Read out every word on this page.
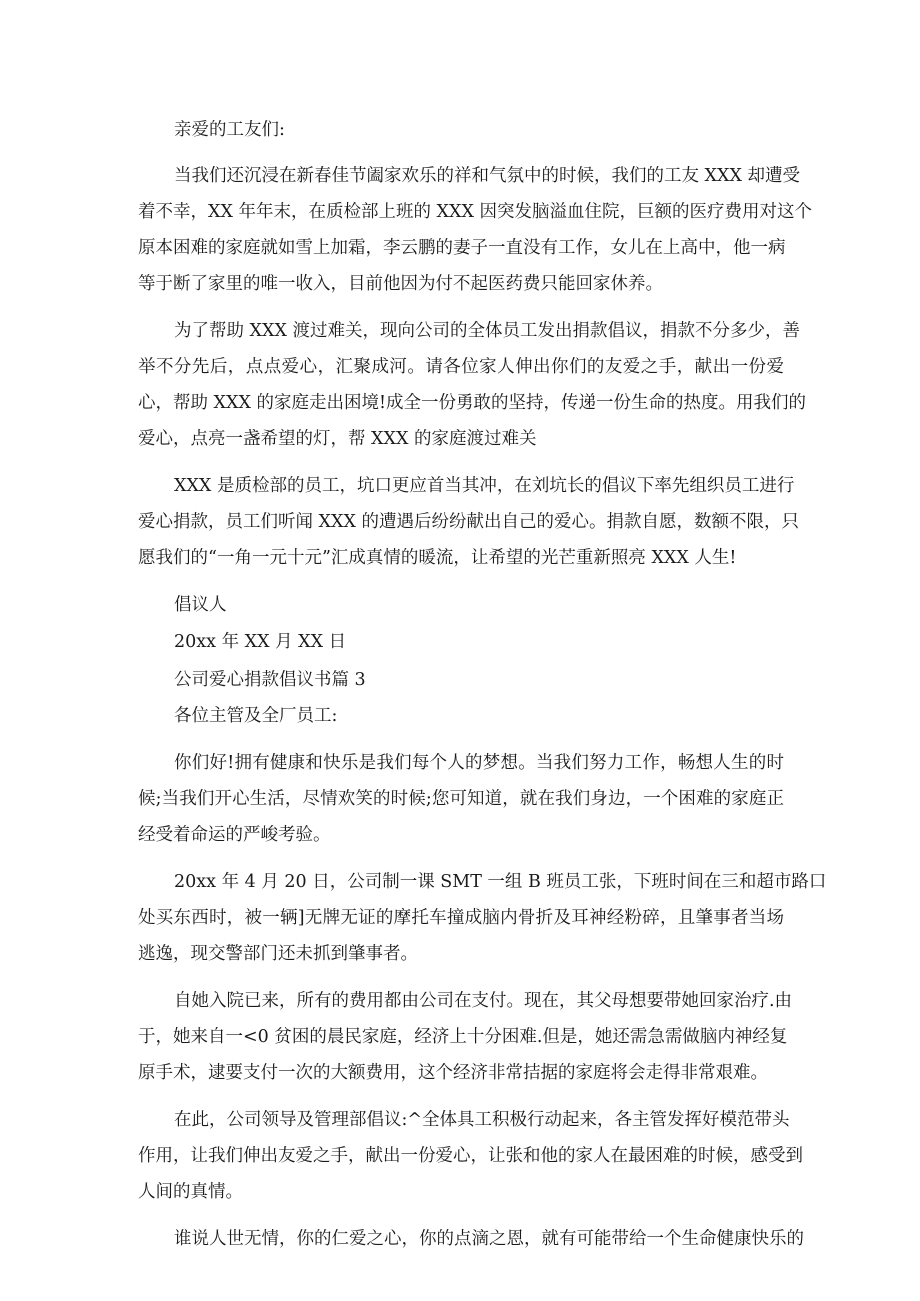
亲爱的工友们:
当我们还沉浸在新春佳节阖家欢乐的祥和气氛中的时候，我们的工友 XXX 却遭受
着不幸，XX 年年末，在质检部上班的 XXX 因突发脑溢血住院，巨额的医疗费用对这个
原本困难的家庭就如雪上加霜，李云鹏的妻子一直没有工作，女儿在上高中，他一病
等于断了家里的唯一收入，目前他因为付不起医药费只能回家休养。
为了帮助 XXX 渡过难关，现向公司的全体员工发出捐款倡议，捐款不分多少，善
举不分先后，点点爱心，汇聚成河。请各位家人伸出你们的友爱之手，献出一份爱
心，帮助 XXX 的家庭走出困境!成全一份勇敢的坚持，传递一份生命的热度。用我们的
爱心，点亮一盏希望的灯，帮 XXX 的家庭渡过难关
XXX 是质检部的员工，坑口更应首当其冲，在刘坑长的倡议下率先组织员工进行
爱心捐款，员工们听闻 XXX 的遭遇后纷纷献出自己的爱心。捐款自愿，数额不限，只
愿我们的“一角一元十元”汇成真情的暖流，让希望的光芒重新照亮 XXX 人生!
倡议人
20xx 年 XX 月 XX 日
公司爱心捐款倡议书篇 3
各位主管及全厂员工:
你们好!拥有健康和快乐是我们每个人的梦想。当我们努力工作，畅想人生的时
候;当我们开心生活，尽情欢笑的时候;您可知道，就在我们身边，一个困难的家庭正
经受着命运的严峻考验。
20xx 年 4 月 20 日，公司制一课 SMT 一组 B 班员工张，下班时间在三和超市路口
处买东西时，被一辆]无牌无证的摩托车撞成脑内骨折及耳神经粉碎，且肇事者当场
逃逸，现交警部门还未抓到肇事者。
自她入院已来，所有的费用都由公司在支付。现在，其父母想要带她回家治疗.由
于，她来自一<0 贫困的晨民家庭，经济上十分困难.但是，她还需急需做脑内神经复
原手术，逮要支付一次的大额费用，这个经济非常拮据的家庭将会走得非常艰难。
在此，公司领导及管理部倡议:^全体具工积极行动起来，各主管发挥好模范带头
作用，让我们伸出友爱之手，献出一份爱心，让张和他的家人在最困难的时候，感受到
人间的真情。
谁说人世无情，你的仁爱之心，你的点滴之恩，就有可能带给一个生命健康快乐的
